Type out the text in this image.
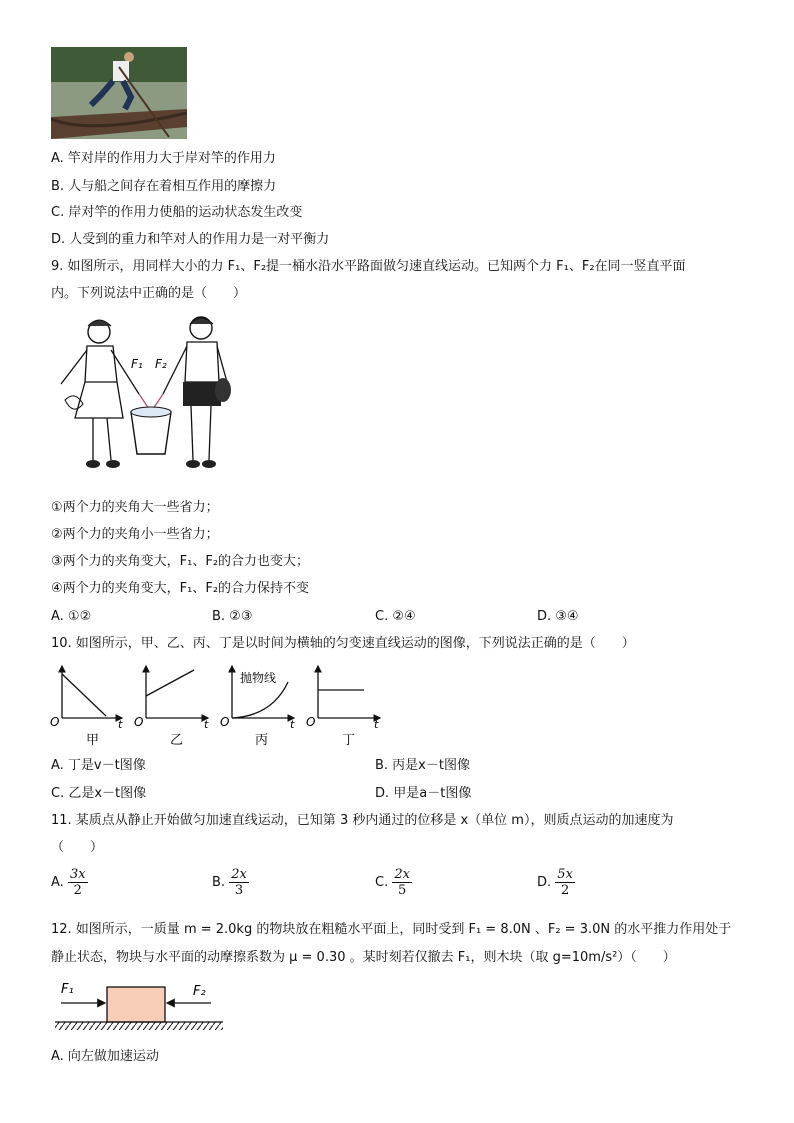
A. 竿对岸的作用力大于岸对竿的作用力
B. 人与船之间存在着相互作用的摩擦力
C. 岸对竿的作用力使船的运动状态发生改变
D. 人受到的重力和竿对人的作用力是一对平衡力
9. 如图所示，用同样大小的力 F₁、F₂提一桶水沿水平路面做匀速直线运动。已知两个力 F₁、F₂在同一竖直平面
内。下列说法中正确的是（　　）
F₁ F₂
①两个力的夹角大一些省力；
②两个力的夹角小一些省力；
③两个力的夹角变大，F₁、F₂的合力也变大；
④两个力的夹角变大，F₁、F₂的合力保持不变
A. ①②	B. ②③	C. ②④	D. ③④
10. 如图所示，甲、乙、丙、丁是以时间为横轴的匀变速直线运动的图像，下列说法正确的是（　　）
O	t
甲
O	t
乙
抛物线
O	t
丙
O	t
丁
A. 丁是v－t图像	B. 丙是x－t图像
C. 乙是x－t图像	D. 甲是a－t图像
11. 某质点从静止开始做匀加速直线运动，已知第 3 秒内通过的位移是 x（单位 m），则质点运动的加速度为
（　　）
A. $\frac{3x}{2}$	B. $\frac{2x}{3}$	C. $\frac{2x}{5}$	D. $\frac{5x}{2}$
12. 如图所示，一质量 m = 2.0kg 的物块放在粗糙水平面上，同时受到 F₁ = 8.0N 、F₂ = 3.0N 的水平推力作用处于
静止状态，物块与水平面的动摩擦系数为 μ = 0.30 。某时刻若仅撤去 F₁，则木块（取 g=10m/s²）（　　）
F₁	F₂
A. 向左做加速运动
